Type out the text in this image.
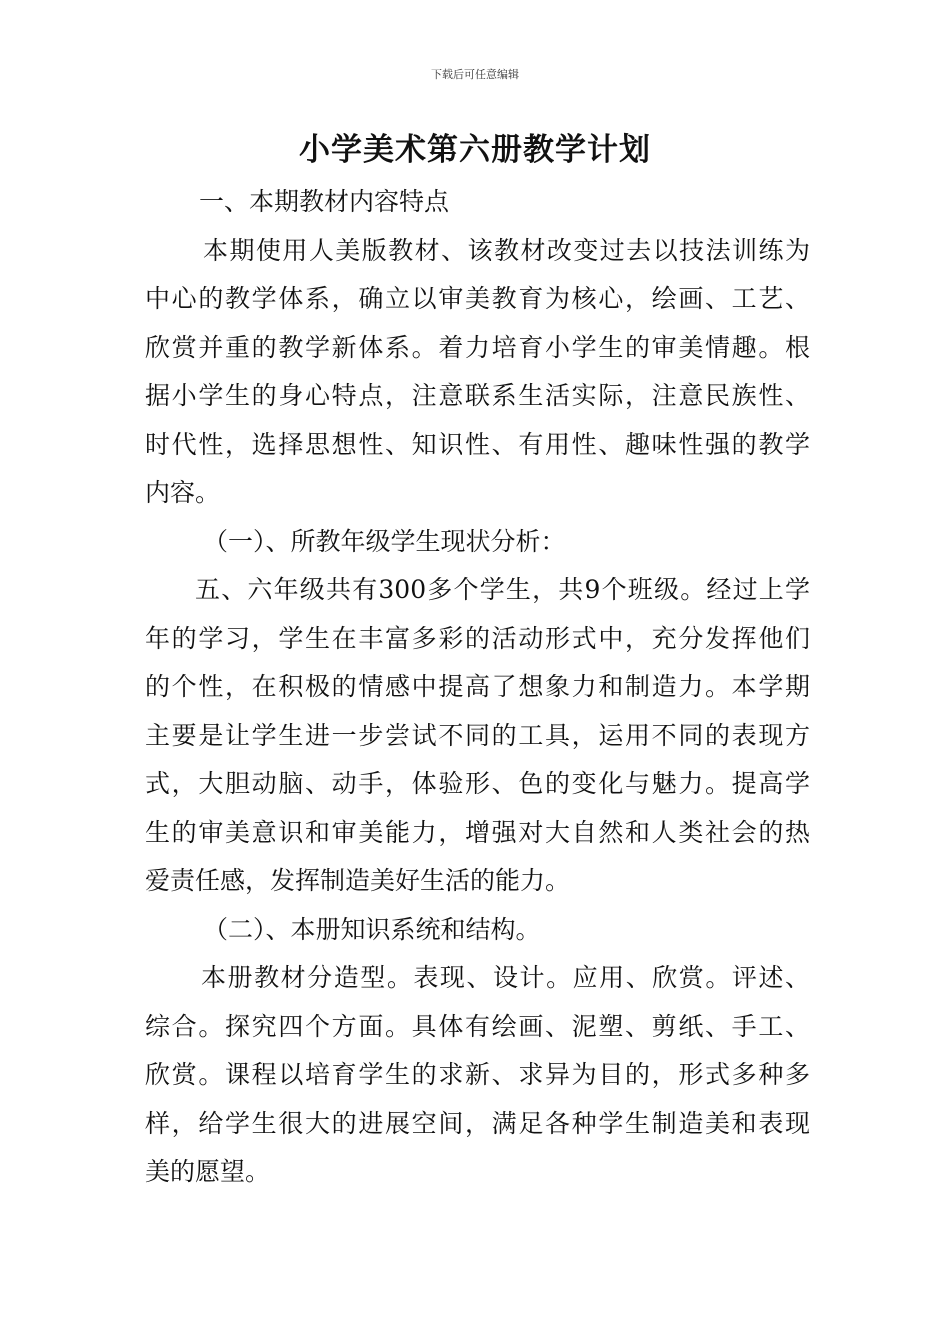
下载后可任意编辑
小学美术第六册教学计划
一、本期教材内容特点
本期使用人美版教材、该教材改变过去以技法训练为
中心的教学体系，确立以审美教育为核心，绘画、工艺、
欣赏并重的教学新体系。着力培育小学生的审美情趣。根
据小学生的身心特点，注意联系生活实际，注意民族性、
时代性，选择思想性、知识性、有用性、趣味性强的教学
内容。
（一）、所教年级学生现状分析：
五、六年级共有300多个学生，共9个班级。经过上学
年的学习，学生在丰富多彩的活动形式中，充分发挥他们
的个性，在积极的情感中提高了想象力和制造力。本学期
主要是让学生进一步尝试不同的工具，运用不同的表现方
式，大胆动脑、动手，体验形、色的变化与魅力。提高学
生的审美意识和审美能力，增强对大自然和人类社会的热
爱责任感，发挥制造美好生活的能力。
（二）、本册知识系统和结构。
本册教材分造型。表现、设计。应用、欣赏。评述、
综合。探究四个方面。具体有绘画、泥塑、剪纸、手工、
欣赏。课程以培育学生的求新、求异为目的，形式多种多
样，给学生很大的进展空间，满足各种学生制造美和表现
美的愿望。
